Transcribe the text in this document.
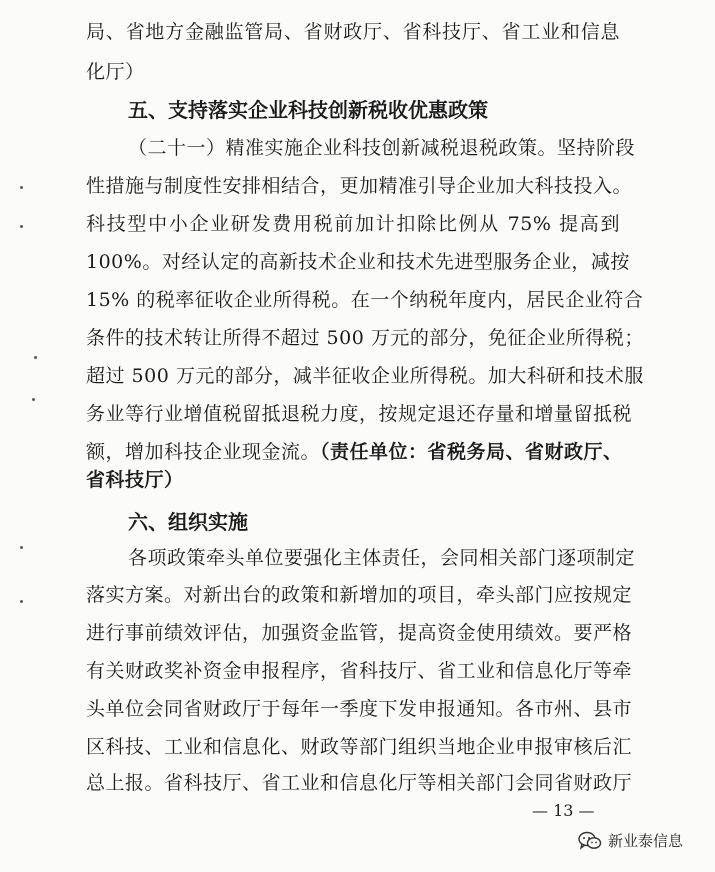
局、省地方金融监管局、省财政厅、省科技厅、省工业和信息
化厅）
五、支持落实企业科技创新税收优惠政策
（二十一）精准实施企业科技创新减税退税政策。坚持阶段
性措施与制度性安排相结合，更加精准引导企业加大科技投入。
科技型中小企业研发费用税前加计扣除比例从 75% 提高到
100%。对经认定的高新技术企业和技术先进型服务企业，减按
15% 的税率征收企业所得税。在一个纳税年度内，居民企业符合
条件的技术转让所得不超过 500 万元的部分，免征企业所得税；
超过 500 万元的部分，减半征收企业所得税。加大科研和技术服
务业等行业增值税留抵退税力度，按规定退还存量和增量留抵税
额，增加科技企业现金流。（责任单位：省税务局、省财政厅、
省科技厅）
六、组织实施
各项政策牵头单位要强化主体责任，会同相关部门逐项制定
落实方案。对新出台的政策和新增加的项目，牵头部门应按规定
进行事前绩效评估，加强资金监管，提高资金使用绩效。要严格
有关财政奖补资金申报程序，省科技厅、省工业和信息化厅等牵
头单位会同省财政厅于每年一季度下发申报通知。各市州、县市
区科技、工业和信息化、财政等部门组织当地企业申报审核后汇
总上报。省科技厅、省工业和信息化厅等相关部门会同省财政厅
— 13 —
新业泰信息
